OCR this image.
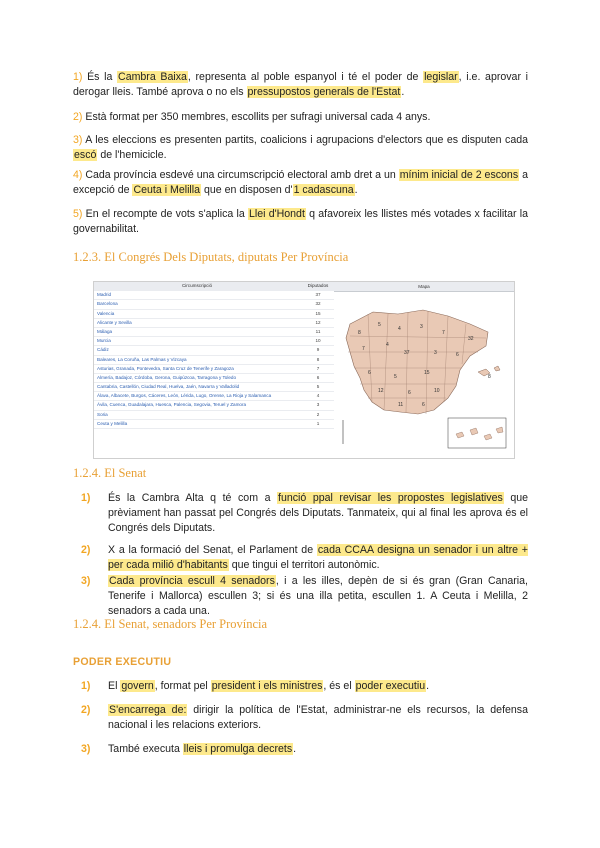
1) És la Cambra Baixa, representa al poble espanyol i té el poder de legislar, i.e. aprovar i derogar lleis. També aprova o no els pressupostos generals de l'Estat.
2) Està format per 350 membres, escollits per sufragi universal cada 4 anys.
3) A les eleccions es presenten partits, coalicions i agrupacions d'electors que es disputen cada escó de l'hemicicle.
4) Cada província esdevé una circumscripció electoral amb dret a un mínim inicial de 2 escons a excepció de Ceuta i Melilla que en disposen d'1 cadascuna.
5) En el recompte de vots s'aplica la Llei d'Hondt q afavoreix les llistes més votades x facilitar la governabilitat.
1.2.3. El Congrés Dels Diputats, diputats Per Província
Circumscripció	Diputados
Madrid	37
Barcelona	32
Valencia	15
Alicante y Sevilla	12
Málaga	11
Murcia	10
Cádiz	9
Baleares, La Coruña, Las Palmas y Vizcaya	8
Asturias, Granada, Pontevedra, Santa Cruz de Tenerife y Zaragoza	7
Almería, Badajoz, Córdoba, Gerona, Guipúzcoa, Tarragona y Toledo	6
Cantabria, Castellón, Ciudad Real, Huelva, Jaén, Navarra y Valladolid	5
Álava, Albacete, Burgos, Cáceres, León, Lérida, Lugo, Orense, La Rioja y Salamanca	4
Ávila, Cuenca, Guadalajara, Huesca, Palencia, Segovia, Teruel y Zamora	3
Soria	2
Ceuta y Melilla	1
Mapa
8
5
4	3
7
32
7
4
37	3	6
6
5
15
12	6	10
11	6
8
1.2.4. El Senat
1) És la Cambra Alta q té com a funció ppal revisar les propostes legislatives que prèviament han passat pel Congrés dels Diputats. Tanmateix, qui al final les aprova és el Congrés dels Diputats.
2) X a la formació del Senat, el Parlament de cada CCAA designa un senador i un altre + per cada milió d'habitants que tingui el territori autonòmic.
3) Cada província escull 4 senadors, i a les illes, depèn de si és gran (Gran Canaria, Tenerife i Mallorca) escullen 3; si és una illa petita, escullen 1. A Ceuta i Melilla, 2 senadors a cada una.
1.2.4. El Senat, senadors Per Província
PODER EXECUTIU
1) El govern, format pel president i els ministres, és el poder executiu.
2) S'encarrega de: dirigir la política de l'Estat, administrar-ne els recursos, la defensa nacional i les relacions exteriors.
3) També executa lleis i promulga decrets.
